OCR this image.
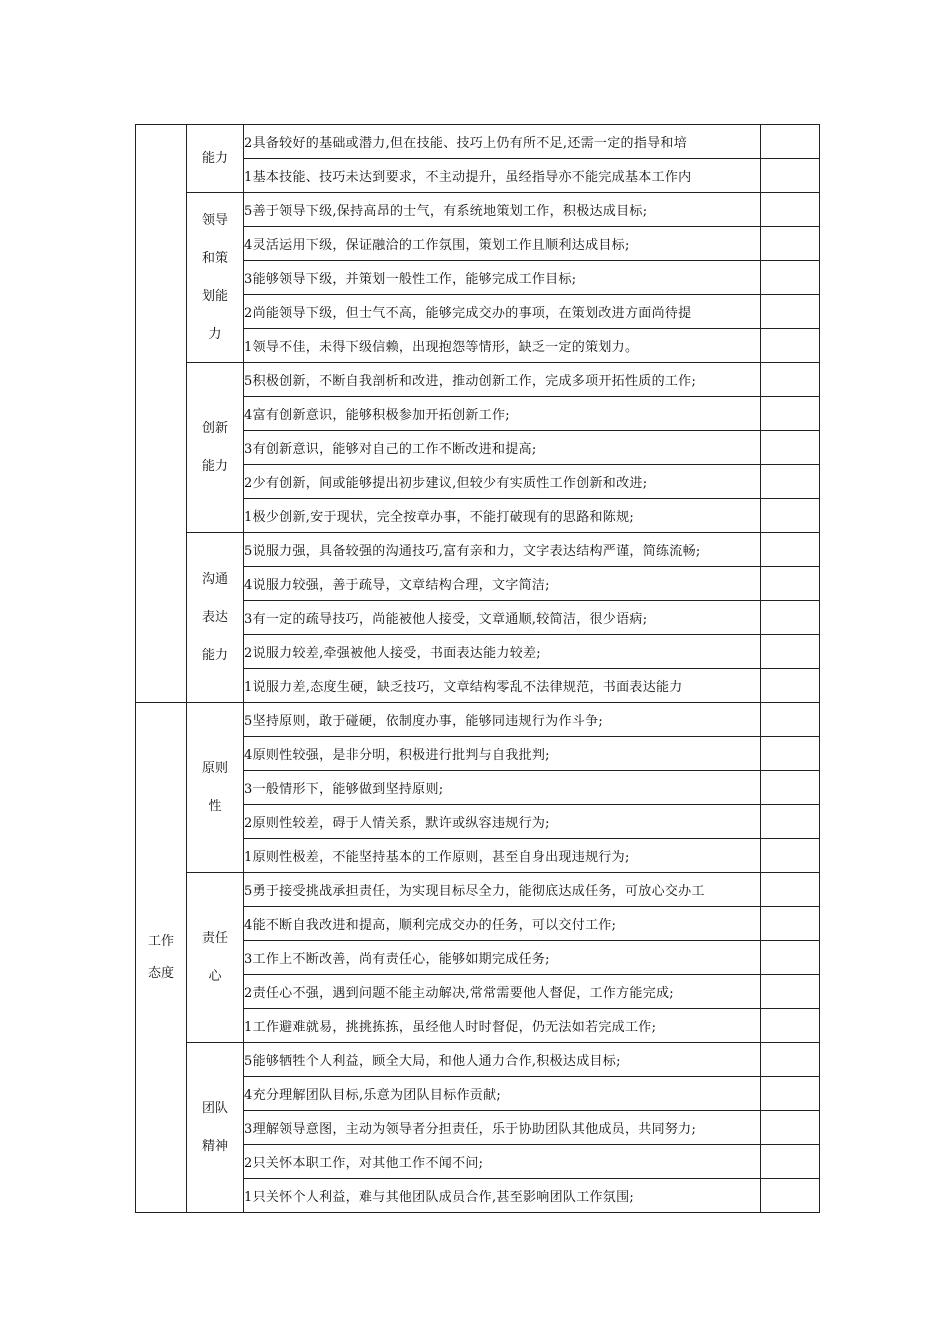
	能力	2具备较好的基础或潜力,但在技能、技巧上仍有所不足,还需一定的指导和培	
		1基本技能、技巧未达到要求，不主动提升，虽经指导亦不能完成基本工作内	
	领导和策划能力	5善于领导下级,保持高昂的士气，有系统地策划工作，积极达成目标;	
		4灵活运用下级，保证融洽的工作氛围，策划工作且顺利达成目标;	
		3能够领导下级，并策划一般性工作，能够完成工作目标;	
		2尚能领导下级，但士气不高，能够完成交办的事项，在策划改进方面尚待提	
		1领导不佳，未得下级信赖，出现抱怨等情形，缺乏一定的策划力。	
	创新能力	5积极创新，不断自我剖析和改进，推动创新工作，完成多项开拓性质的工作;	
		4富有创新意识，能够积极参加开拓创新工作;	
		3有创新意识，能够对自己的工作不断改进和提高;	
		2少有创新，间或能够提出初步建议,但较少有实质性工作创新和改进;	
		1极少创新,安于现状，完全按章办事，不能打破现有的思路和陈规;	
	沟通表达能力	5说服力强，具备较强的沟通技巧,富有亲和力，文字表达结构严谨，简练流畅;	
		4说服力较强，善于疏导，文章结构合理，文字简洁;	
		3有一定的疏导技巧，尚能被他人接受，文章通顺,较简洁，很少语病;	
		2说服力较差,牵强被他人接受，书面表达能力较差;	
		1说服力差,态度生硬，缺乏技巧，文章结构零乱不法律规范，书面表达能力	
工作态度	原则性	5坚持原则，敢于碰硬，依制度办事，能够同违规行为作斗争;	
		4原则性较强，是非分明，积极进行批判与自我批判;	
		3一般情形下，能够做到坚持原则;	
		2原则性较差，碍于人情关系，默许或纵容违规行为;	
		1原则性极差，不能坚持基本的工作原则，甚至自身出现违规行为;	
	责任心	5勇于接受挑战承担责任，为实现目标尽全力，能彻底达成任务，可放心交办工	
		4能不断自我改进和提高，顺利完成交办的任务，可以交付工作;	
		3工作上不断改善，尚有责任心，能够如期完成任务;	
		2责任心不强，遇到问题不能主动解决,常常需要他人督促，工作方能完成;	
		1工作避难就易，挑挑拣拣，虽经他人时时督促，仍无法如若完成工作;	
	团队精神	5能够牺牲个人利益，顾全大局，和他人通力合作,积极达成目标;	
		4充分理解团队目标,乐意为团队目标作贡献;	
		3理解领导意图，主动为领导者分担责任，乐于协助团队其他成员，共同努力;	
		2只关怀本职工作，对其他工作不闻不问;	
		1只关怀个人利益，难与其他团队成员合作,甚至影响团队工作氛围;	
